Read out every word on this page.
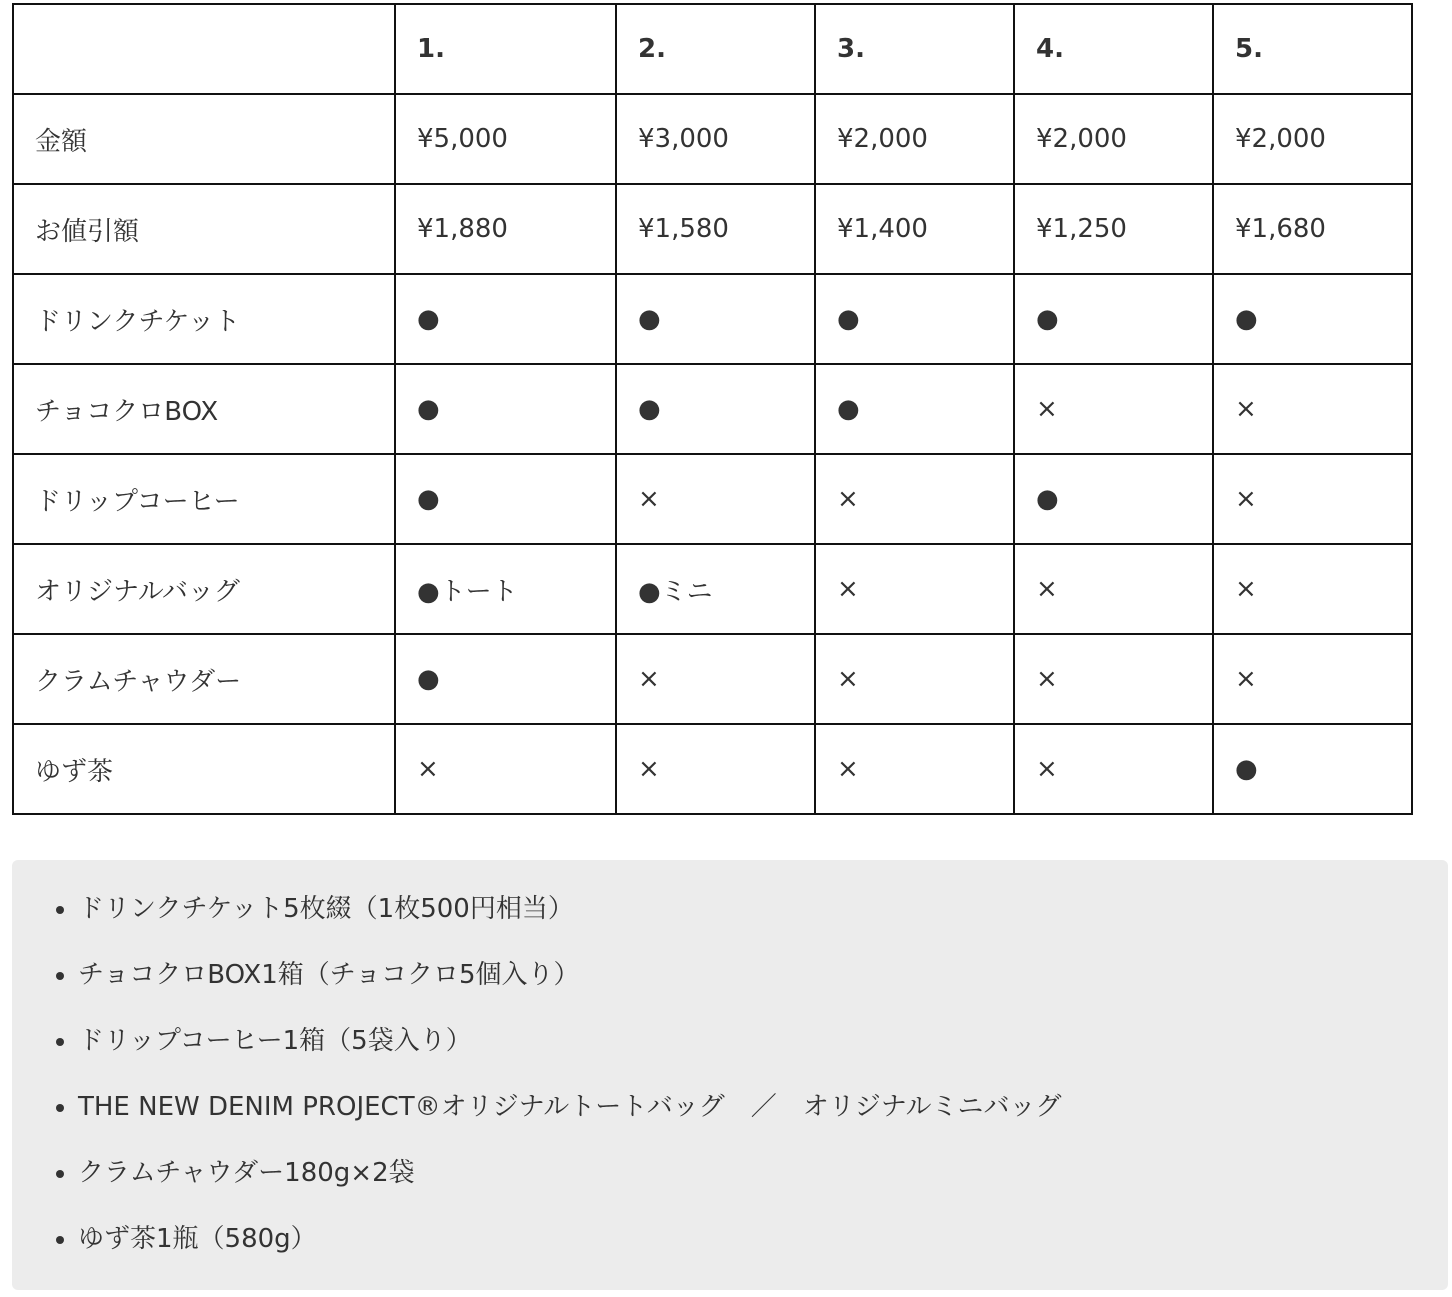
	1.	2.	3.	4.	5.
金額	¥5,000	¥3,000	¥2,000	¥2,000	¥2,000
お値引額	¥1,880	¥1,580	¥1,400	¥1,250	¥1,680
ドリンクチケット	●	●	●	●	●
チョコクロBOX	●	●	●	×	×
ドリップコーヒー	●	×	×	●	×
オリジナルバッグ	●トート	●ミニ	×	×	×
クラムチャウダー	●	×	×	×	×
ゆず茶	×	×	×	×	●
• ドリンクチケット5枚綴（1枚500円相当）
• チョコクロBOX1箱（チョコクロ5個入り）
• ドリップコーヒー1箱（5袋入り）
• THE NEW DENIM PROJECT®オリジナルトートバッグ　／　オリジナルミニバッグ
• クラムチャウダー180g×2袋
• ゆず茶1瓶（580g）
